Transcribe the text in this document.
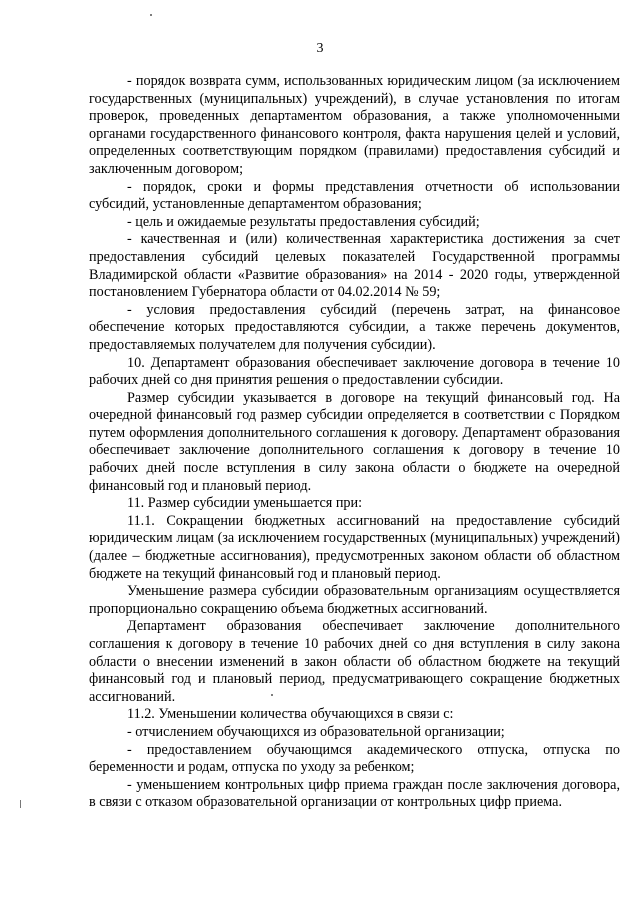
3

- порядок возврата сумм, использованных юридическим лицом (за исключением государственных (муниципальных) учреждений), в случае установления по итогам проверок, проведенных департаментом образования, а также уполномоченными органами государственного финансового контроля, факта нарушения целей и условий, определенных соответствующим порядком (правилами) предоставления субсидий и заключенным договором;

- порядок, сроки и формы представления отчетности об использовании субсидий, установленные департаментом образования;

- цель и ожидаемые результаты предоставления субсидий;

- качественная и (или) количественная характеристика достижения за счет предоставления субсидий целевых показателей Государственной программы Владимирской области «Развитие образования» на 2014 - 2020 годы, утвержденной постановлением Губернатора области от 04.02.2014 № 59;

- условия предоставления субсидий (перечень затрат, на финансовое обеспечение которых предоставляются субсидии, а также перечень документов, предоставляемых получателем для получения субсидии).

10. Департамент образования обеспечивает заключение договора в течение 10 рабочих дней со дня принятия решения о предоставлении субсидии.

Размер субсидии указывается в договоре на текущий финансовый год. На очередной финансовый год размер субсидии определяется в соответствии с Порядком путем оформления дополнительного соглашения к договору. Департамент образования обеспечивает заключение дополнительного соглашения к договору в течение 10 рабочих дней после вступления в силу закона области о бюджете на очередной финансовый год и плановый период.

11. Размер субсидии уменьшается при:

11.1. Сокращении бюджетных ассигнований на предоставление субсидий юридическим лицам (за исключением государственных (муниципальных) учреждений) (далее – бюджетные ассигнования), предусмотренных законом области об областном бюджете на текущий финансовый год и плановый период.

Уменьшение размера субсидии образовательным организациям осуществляется пропорционально сокращению объема бюджетных ассигнований.

Департамент образования обеспечивает заключение дополнительного соглашения к договору в течение 10 рабочих дней со дня вступления в силу закона области о внесении изменений в закон области об областном бюджете на текущий финансовый год и плановый период, предусматривающего сокращение бюджетных ассигнований.

11.2. Уменьшении количества обучающихся в связи с:

- отчислением обучающихся из образовательной организации;

- предоставлением обучающимся академического отпуска, отпуска по беременности и родам, отпуска по уходу за ребенком;

- уменьшением контрольных цифр приема граждан после заключения договора, в связи с отказом образовательной организации от контрольных цифр приема.
